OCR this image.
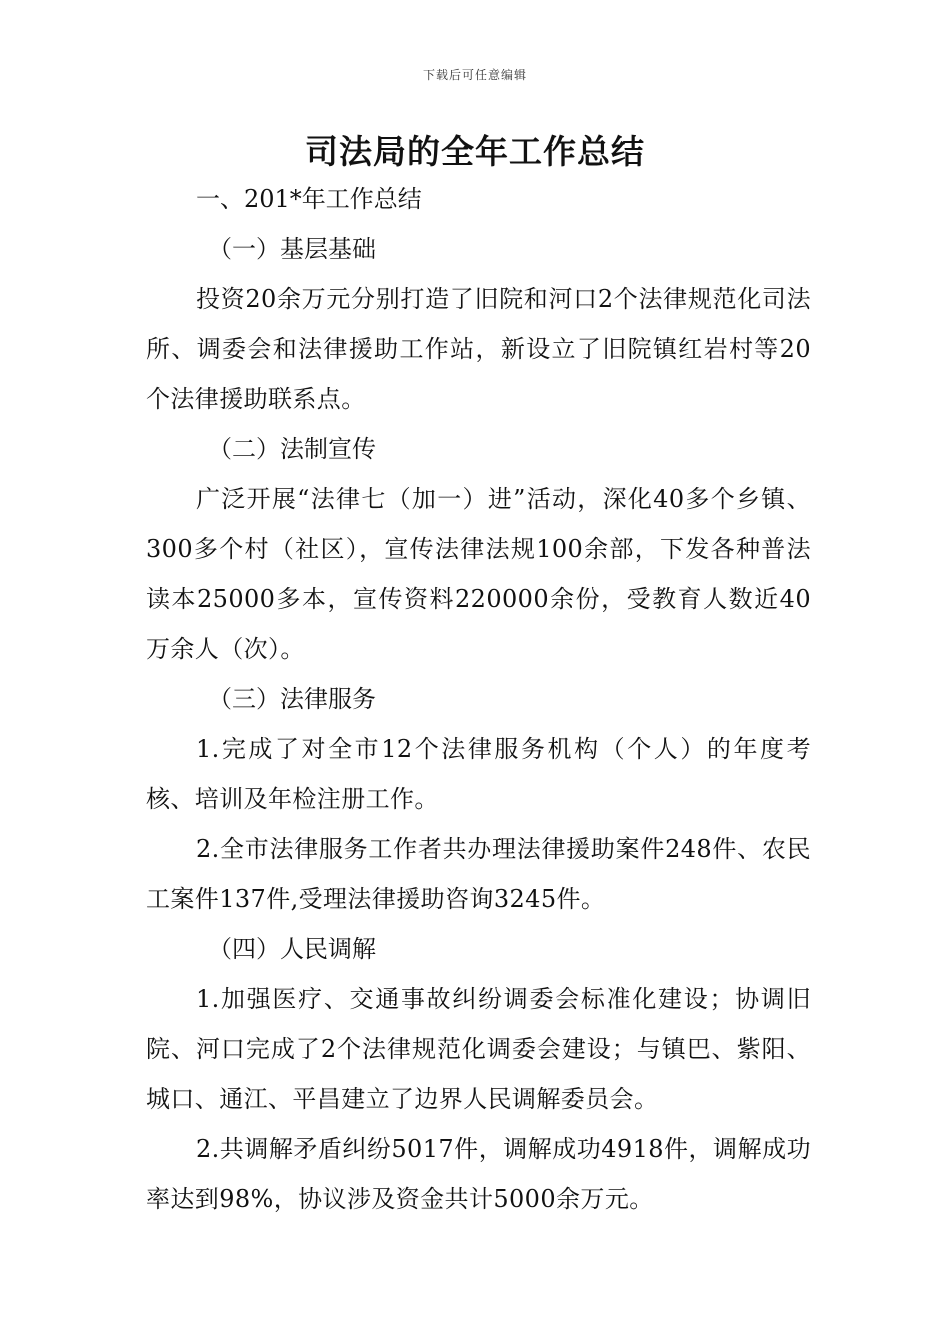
下载后可任意编辑
司法局的全年工作总结

一、201*年工作总结

（一）基层基础

投资20余万元分别打造了旧院和河口2个法律规范化司法所、调委会和法律援助工作站，新设立了旧院镇红岩村等20个法律援助联系点。

（二）法制宣传

广泛开展“法律七（加一）进”活动，深化40多个乡镇、300多个村（社区），宣传法律法规100余部，下发各种普法读本25000多本，宣传资料220000余份，受教育人数近40万余人（次）。

（三）法律服务

1.完成了对全市12个法律服务机构（个人）的年度考核、培训及年检注册工作。

2.全市法律服务工作者共办理法律援助案件248件、农民工案件137件,受理法律援助咨询3245件。

（四）人民调解

1.加强医疗、交通事故纠纷调委会标准化建设；协调旧院、河口完成了2个法律规范化调委会建设；与镇巴、紫阳、城口、通江、平昌建立了边界人民调解委员会。

2.共调解矛盾纠纷5017件，调解成功4918件，调解成功率达到98%，协议涉及资金共计5000余万元。
